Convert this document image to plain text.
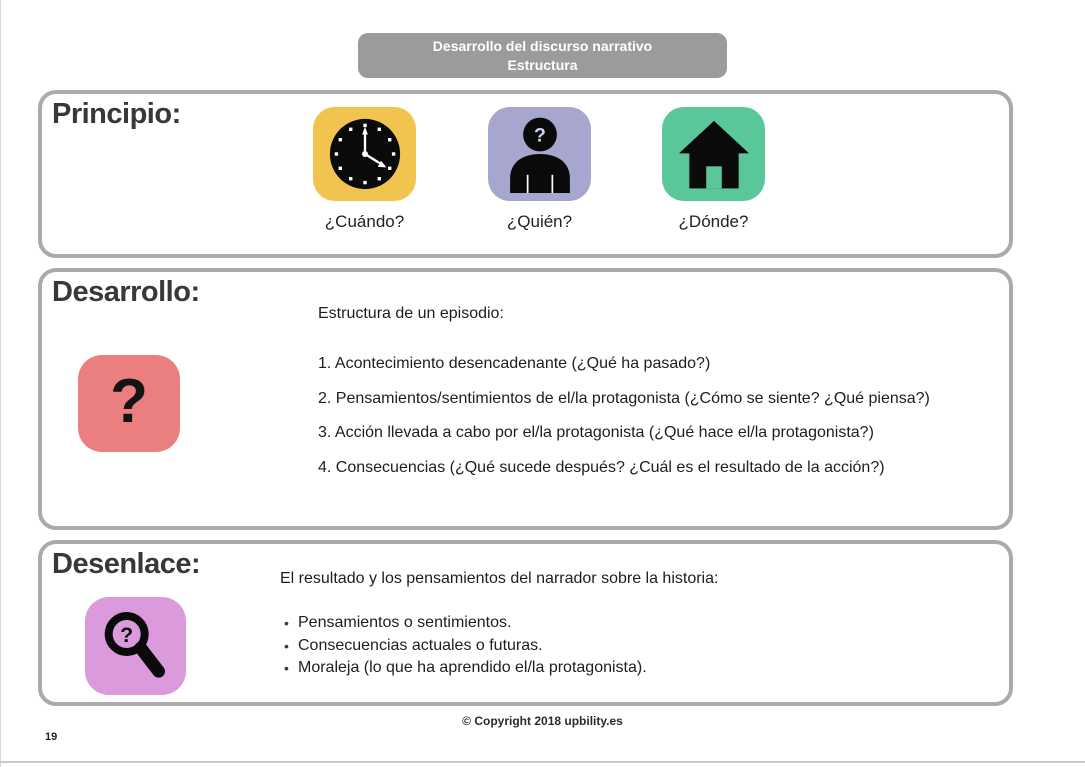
Desarrollo del discurso narrativo
Estructura
Principio:
¿Cuándo?
?
¿Quién?	¿Dónde?
Desarrollo:
?
Estructura de un episodio:
1. Acontecimiento desencadenante (¿Qué ha pasado?)
2. Pensamientos/sentimientos de el/la protagonista (¿Cómo se siente? ¿Qué piensa?)
3. Acción llevada a cabo por el/la protagonista (¿Qué hace el/la protagonista?)
4. Consecuencias (¿Qué sucede después? ¿Cuál es el resultado de la acción?)
Desenlace:
?
El resultado y los pensamientos del narrador sobre la historia:
• Pensamientos o sentimientos.
• Consecuencias actuales o futuras.
• Moraleja (lo que ha aprendido el/la protagonista).
© Copyright 2018 upbility.es
19
